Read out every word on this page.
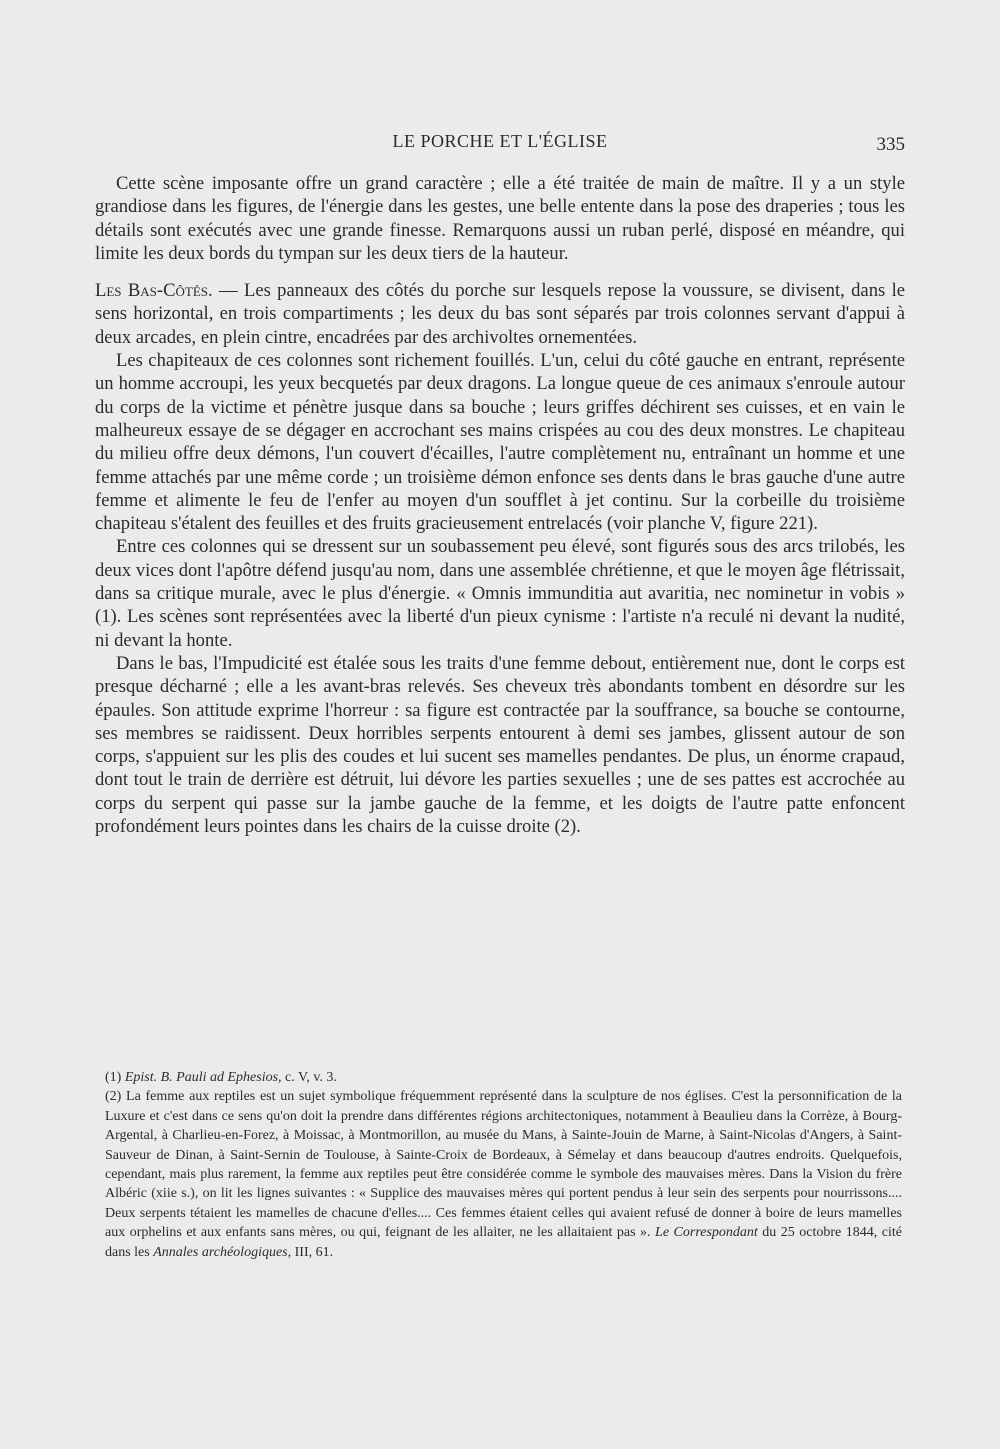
LE PORCHE ET L'ÉGLISE	335

Cette scène imposante offre un grand caractère ; elle a été traitée de main de maître. Il y a un style grandiose dans les figures, de l'énergie dans les gestes, une belle entente dans la pose des draperies ; tous les détails sont exécutés avec une grande finesse. Remarquons aussi un ruban perlé, disposé en méandre, qui limite les deux bords du tympan sur les deux tiers de la hauteur.

Les Bas-Côtés. — Les panneaux des côtés du porche sur lesquels repose la voussure, se divisent, dans le sens horizontal, en trois compartiments ; les deux du bas sont séparés par trois colonnes servant d'appui à deux arcades, en plein cintre, encadrées par des archivoltes ornementées.

Les chapiteaux de ces colonnes sont richement fouillés. L'un, celui du côté gauche en entrant, représente un homme accroupi, les yeux becquetés par deux dragons. La longue queue de ces animaux s'enroule autour du corps de la victime et pénètre jusque dans sa bouche ; leurs griffes déchirent ses cuisses, et en vain le malheureux essaye de se dégager en accrochant ses mains crispées au cou des deux monstres. Le chapiteau du milieu offre deux démons, l'un couvert d'écailles, l'autre complètement nu, entraînant un homme et une femme attachés par une même corde ; un troisième démon enfonce ses dents dans le bras gauche d'une autre femme et alimente le feu de l'enfer au moyen d'un soufflet à jet continu. Sur la corbeille du troisième chapiteau s'étalent des feuilles et des fruits gracieusement entrelacés (voir planche V, figure 221).

Entre ces colonnes qui se dressent sur un soubassement peu élevé, sont figurés sous des arcs trilobés, les deux vices dont l'apôtre défend jusqu'au nom, dans une assemblée chrétienne, et que le moyen âge flétrissait, dans sa critique murale, avec le plus d'énergie. « Omnis immunditia aut avaritia, nec nominetur in vobis » (1). Les scènes sont représentées avec la liberté d'un pieux cynisme : l'artiste n'a reculé ni devant la nudité, ni devant la honte.

Dans le bas, l'Impudicité est étalée sous les traits d'une femme debout, entièrement nue, dont le corps est presque décharné ; elle a les avant-bras relevés. Ses cheveux très abondants tombent en désordre sur les épaules. Son attitude exprime l'horreur : sa figure est contractée par la souffrance, sa bouche se contourne, ses membres se raidissent. Deux horribles serpents entourent à demi ses jambes, glissent autour de son corps, s'appuient sur les plis des coudes et lui sucent ses mamelles pendantes. De plus, un énorme crapaud, dont tout le train de derrière est détruit, lui dévore les parties sexuelles ; une de ses pattes est accrochée au corps du serpent qui passe sur la jambe gauche de la femme, et les doigts de l'autre patte enfoncent profondément leurs pointes dans les chairs de la cuisse droite (2).

(1) Epist. B. Pauli ad Ephesios, c. V, v. 3.

(2) La femme aux reptiles est un sujet symbolique fréquemment représenté dans la sculpture de nos églises. C'est la personnification de la Luxure et c'est dans ce sens qu'on doit la prendre dans différentes régions architectoniques, notamment à Beaulieu dans la Corrèze, à Bourg-Argental, à Charlieu-en-Forez, à Moissac, à Montmorillon, au musée du Mans, à Sainte-Jouin de Marne, à Saint-Nicolas d'Angers, à Saint-Sauveur de Dinan, à Saint-Sernin de Toulouse, à Sainte-Croix de Bordeaux, à Sémelay et dans beaucoup d'autres endroits. Quelquefois, cependant, mais plus rarement, la femme aux reptiles peut être considérée comme le symbole des mauvaises mères. Dans la Vision du frère Albéric (xiie s.), on lit les lignes suivantes : « Supplice des mauvaises mères qui portent pendus à leur sein des serpents pour nourrissons.... Deux serpents tétaient les mamelles de chacune d'elles.... Ces femmes étaient celles qui avaient refusé de donner à boire de leurs mamelles aux orphelins et aux enfants sans mères, ou qui, feignant de les allaiter, ne les allaitaient pas ». Le Correspondant du 25 octobre 1844, cité dans les Annales archéologiques, III, 61.
